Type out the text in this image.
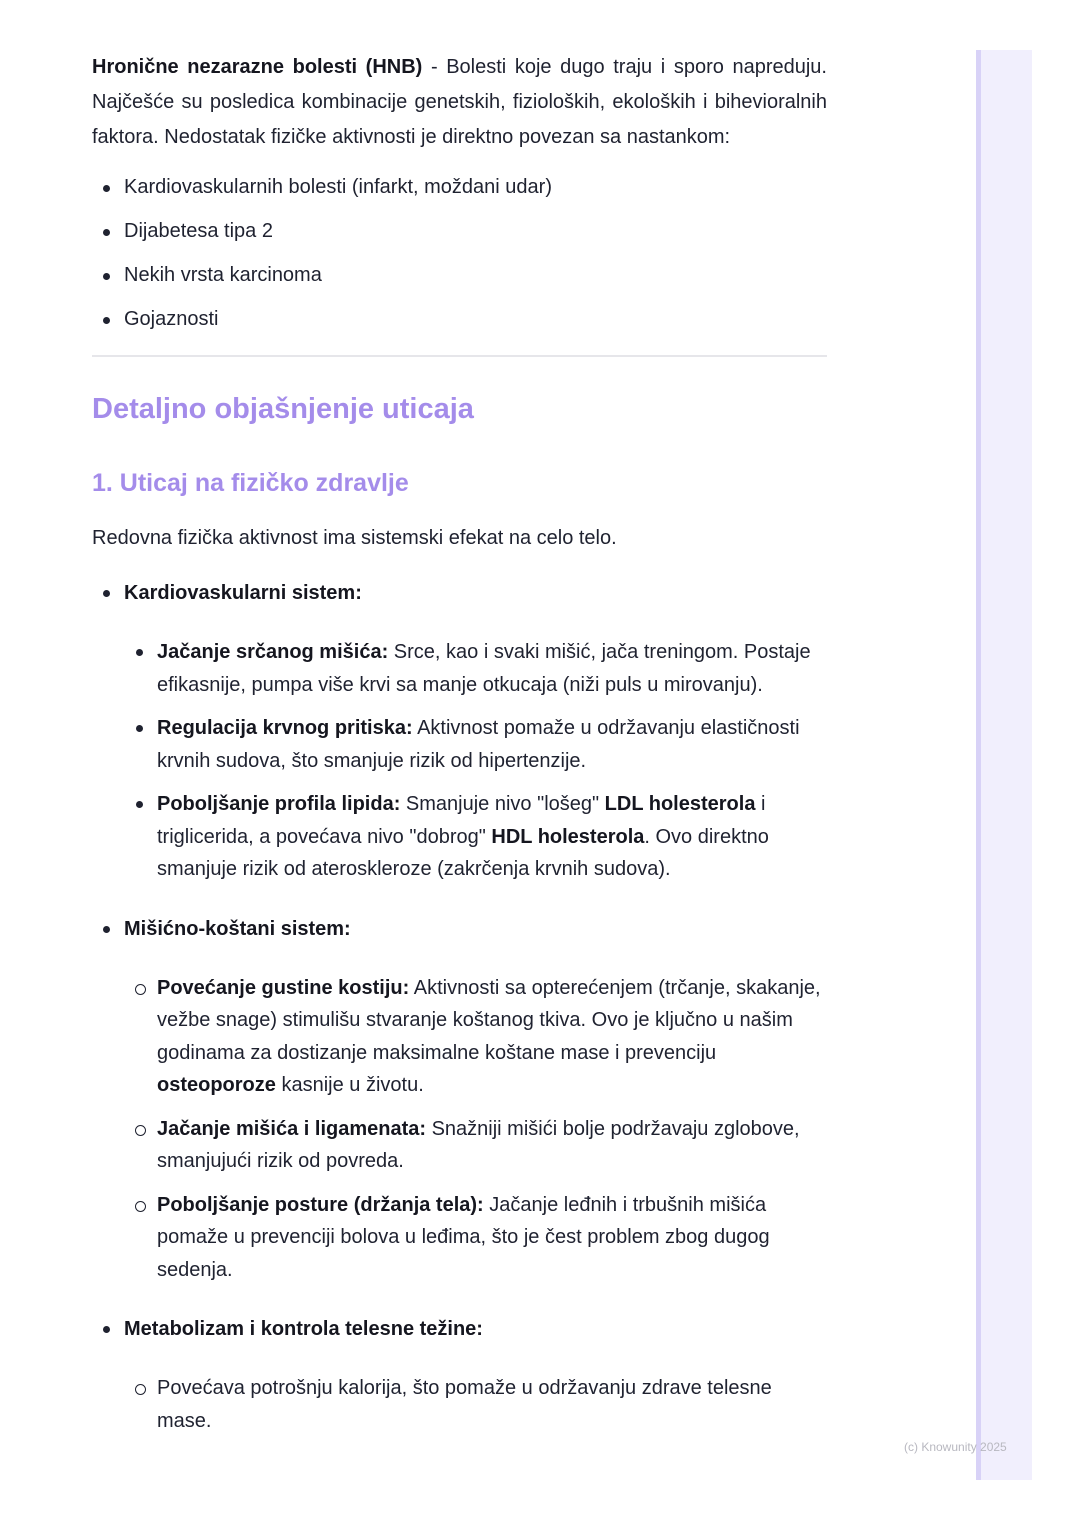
(c) Knowunity 2025

Hronične nezarazne bolesti (HNB) - Bolesti koje dugo traju i sporo napreduju. Najčešće su posledica kombinacije genetskih, fizioloških, ekoloških i bihevioralnih faktora. Nedostatak fizičke aktivnosti je direktno povezan sa nastankom:

Kardiovaskularnih bolesti (infarkt, moždani udar)
Dijabetesa tipa 2
Nekih vrsta karcinoma
Gojaznosti
Detaljno objašnjenje uticaja
1. Uticaj na fizičko zdravlje

Redovna fizička aktivnost ima sistemski efekat na celo telo.

Kardiovaskularni sistem:
Jačanje srčanog mišića: Srce, kao i svaki mišić, jača treningom. Postaje efikasnije, pumpa više krvi sa manje otkucaja (niži puls u mirovanju).
Regulacija krvnog pritiska: Aktivnost pomaže u održavanju elastičnosti krvnih sudova, što smanjuje rizik od hipertenzije.
Poboljšanje profila lipida: Smanjuje nivo "lošeg" LDL holesterola i triglicerida, a povećava nivo "dobrog" HDL holesterola. Ovo direktno smanjuje rizik od ateroskleroze (zakrčenja krvnih sudova).
Mišićno-koštani sistem:
Povećanje gustine kostiju: Aktivnosti sa opterećenjem (trčanje, skakanje, vežbe snage) stimulišu stvaranje koštanog tkiva. Ovo je ključno u našim godinama za dostizanje maksimalne koštane mase i prevenciju osteoporoze kasnije u životu.
Jačanje mišića i ligamenata: Snažniji mišići bolje podržavaju zglobove, smanjujući rizik od povreda.
Poboljšanje posture (držanja tela): Jačanje leđnih i trbušnih mišića pomaže u prevenciji bolova u leđima, što je čest problem zbog dugog sedenja.
Metabolizam i kontrola telesne težine:
Povećava potrošnju kalorija, što pomaže u održavanju zdrave telesne mase.
